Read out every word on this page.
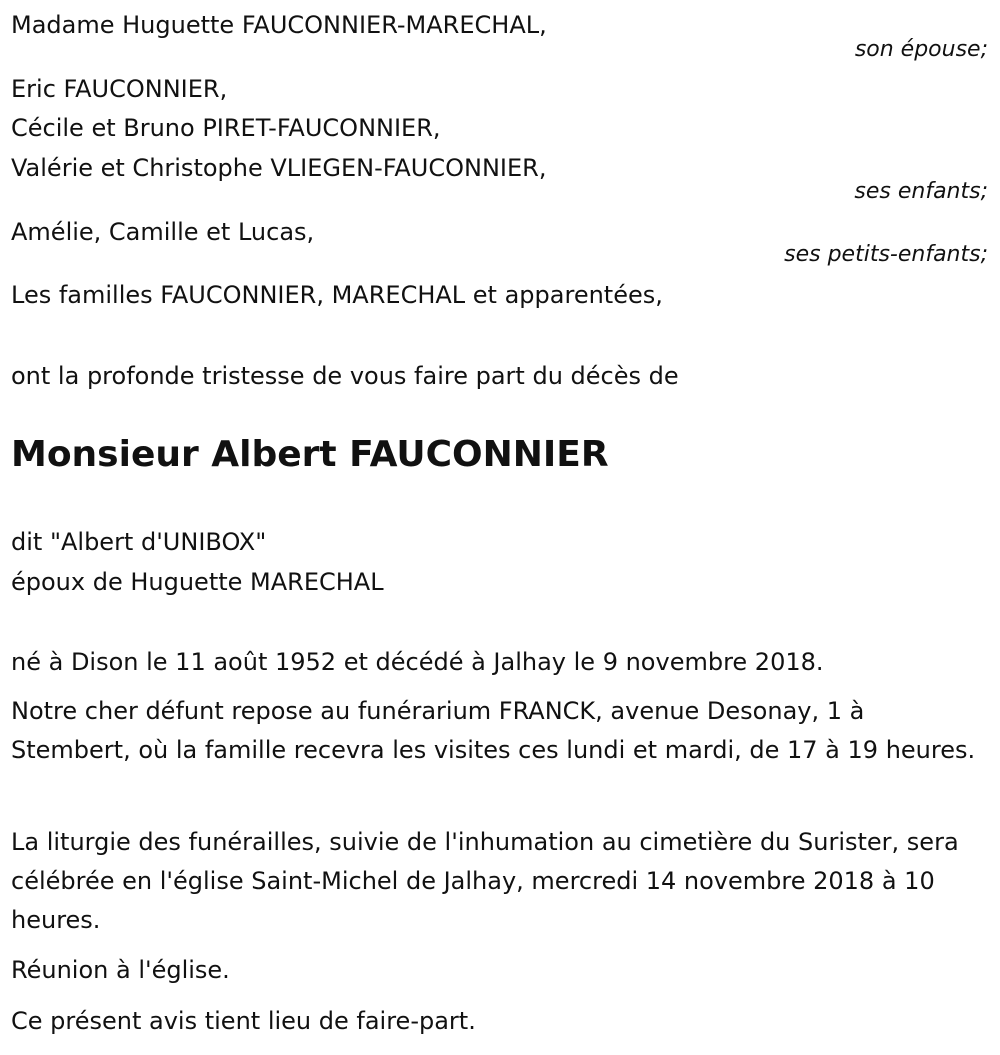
Madame Huguette FAUCONNIER-MARECHAL,
son épouse;
Eric FAUCONNIER,
Cécile et Bruno PIRET-FAUCONNIER,
Valérie et Christophe VLIEGEN-FAUCONNIER,
ses enfants;
Amélie, Camille et Lucas,
ses petits-enfants;
Les familles FAUCONNIER, MARECHAL et apparentées,
ont la profonde tristesse de vous faire part du décès de
Monsieur Albert FAUCONNIER
dit "Albert d'UNIBOX"
époux de Huguette MARECHAL
né à Dison le 11 août 1952 et décédé à Jalhay le 9 novembre 2018.
Notre cher défunt repose au funérarium FRANCK, avenue Desonay, 1 à Stembert, où la famille recevra les visites ces lundi et mardi, de 17 à 19 heures.
La liturgie des funérailles, suivie de l'inhumation au cimetière du Surister, sera célébrée en l'église Saint-Michel de Jalhay, mercredi 14 novembre 2018 à 10 heures.
Réunion à l'église.
Ce présent avis tient lieu de faire-part.
